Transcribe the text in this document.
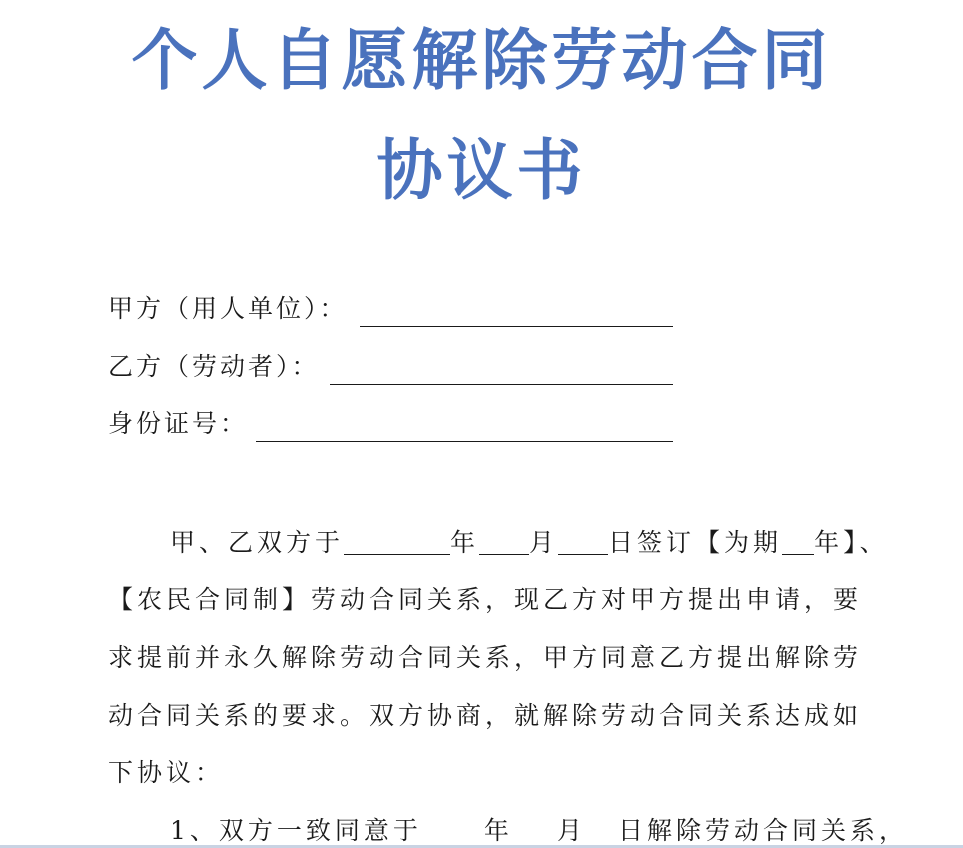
个人自愿解除劳动合同
协议书
甲方（用人单位）：
乙方（劳动者）：
身份证号：
甲、乙双方于	年 月 日签订【为期 年】、
【农民合同制】劳动合同关系，现乙方对甲方提出申请，要
求提前并永久解除劳动合同关系，甲方同意乙方提出解除劳
动合同关系的要求。双方协商，就解除劳动合同关系达成如
下协议：
1、双方一致同意于 年 月 日解除劳动合同关系，
